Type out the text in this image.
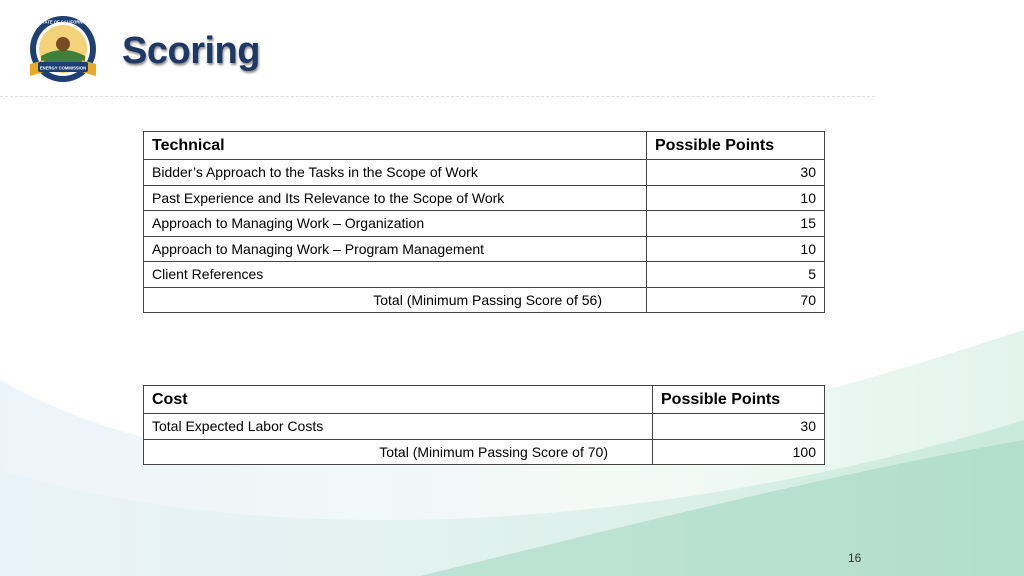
ENERGY COMMISSION
STATE OF CALIFORNIA
Scoring
Technical	Possible Points
Bidder’s Approach to the Tasks in the Scope of Work	30
Past Experience and Its Relevance to the Scope of Work	10
Approach to Managing Work – Organization	15
Approach to Managing Work – Program Management	10
Client References	5
Total (Minimum Passing Score of 56)	70
Cost	Possible Points
Total Expected Labor Costs	30
Total (Minimum Passing Score of 70)	100
16
